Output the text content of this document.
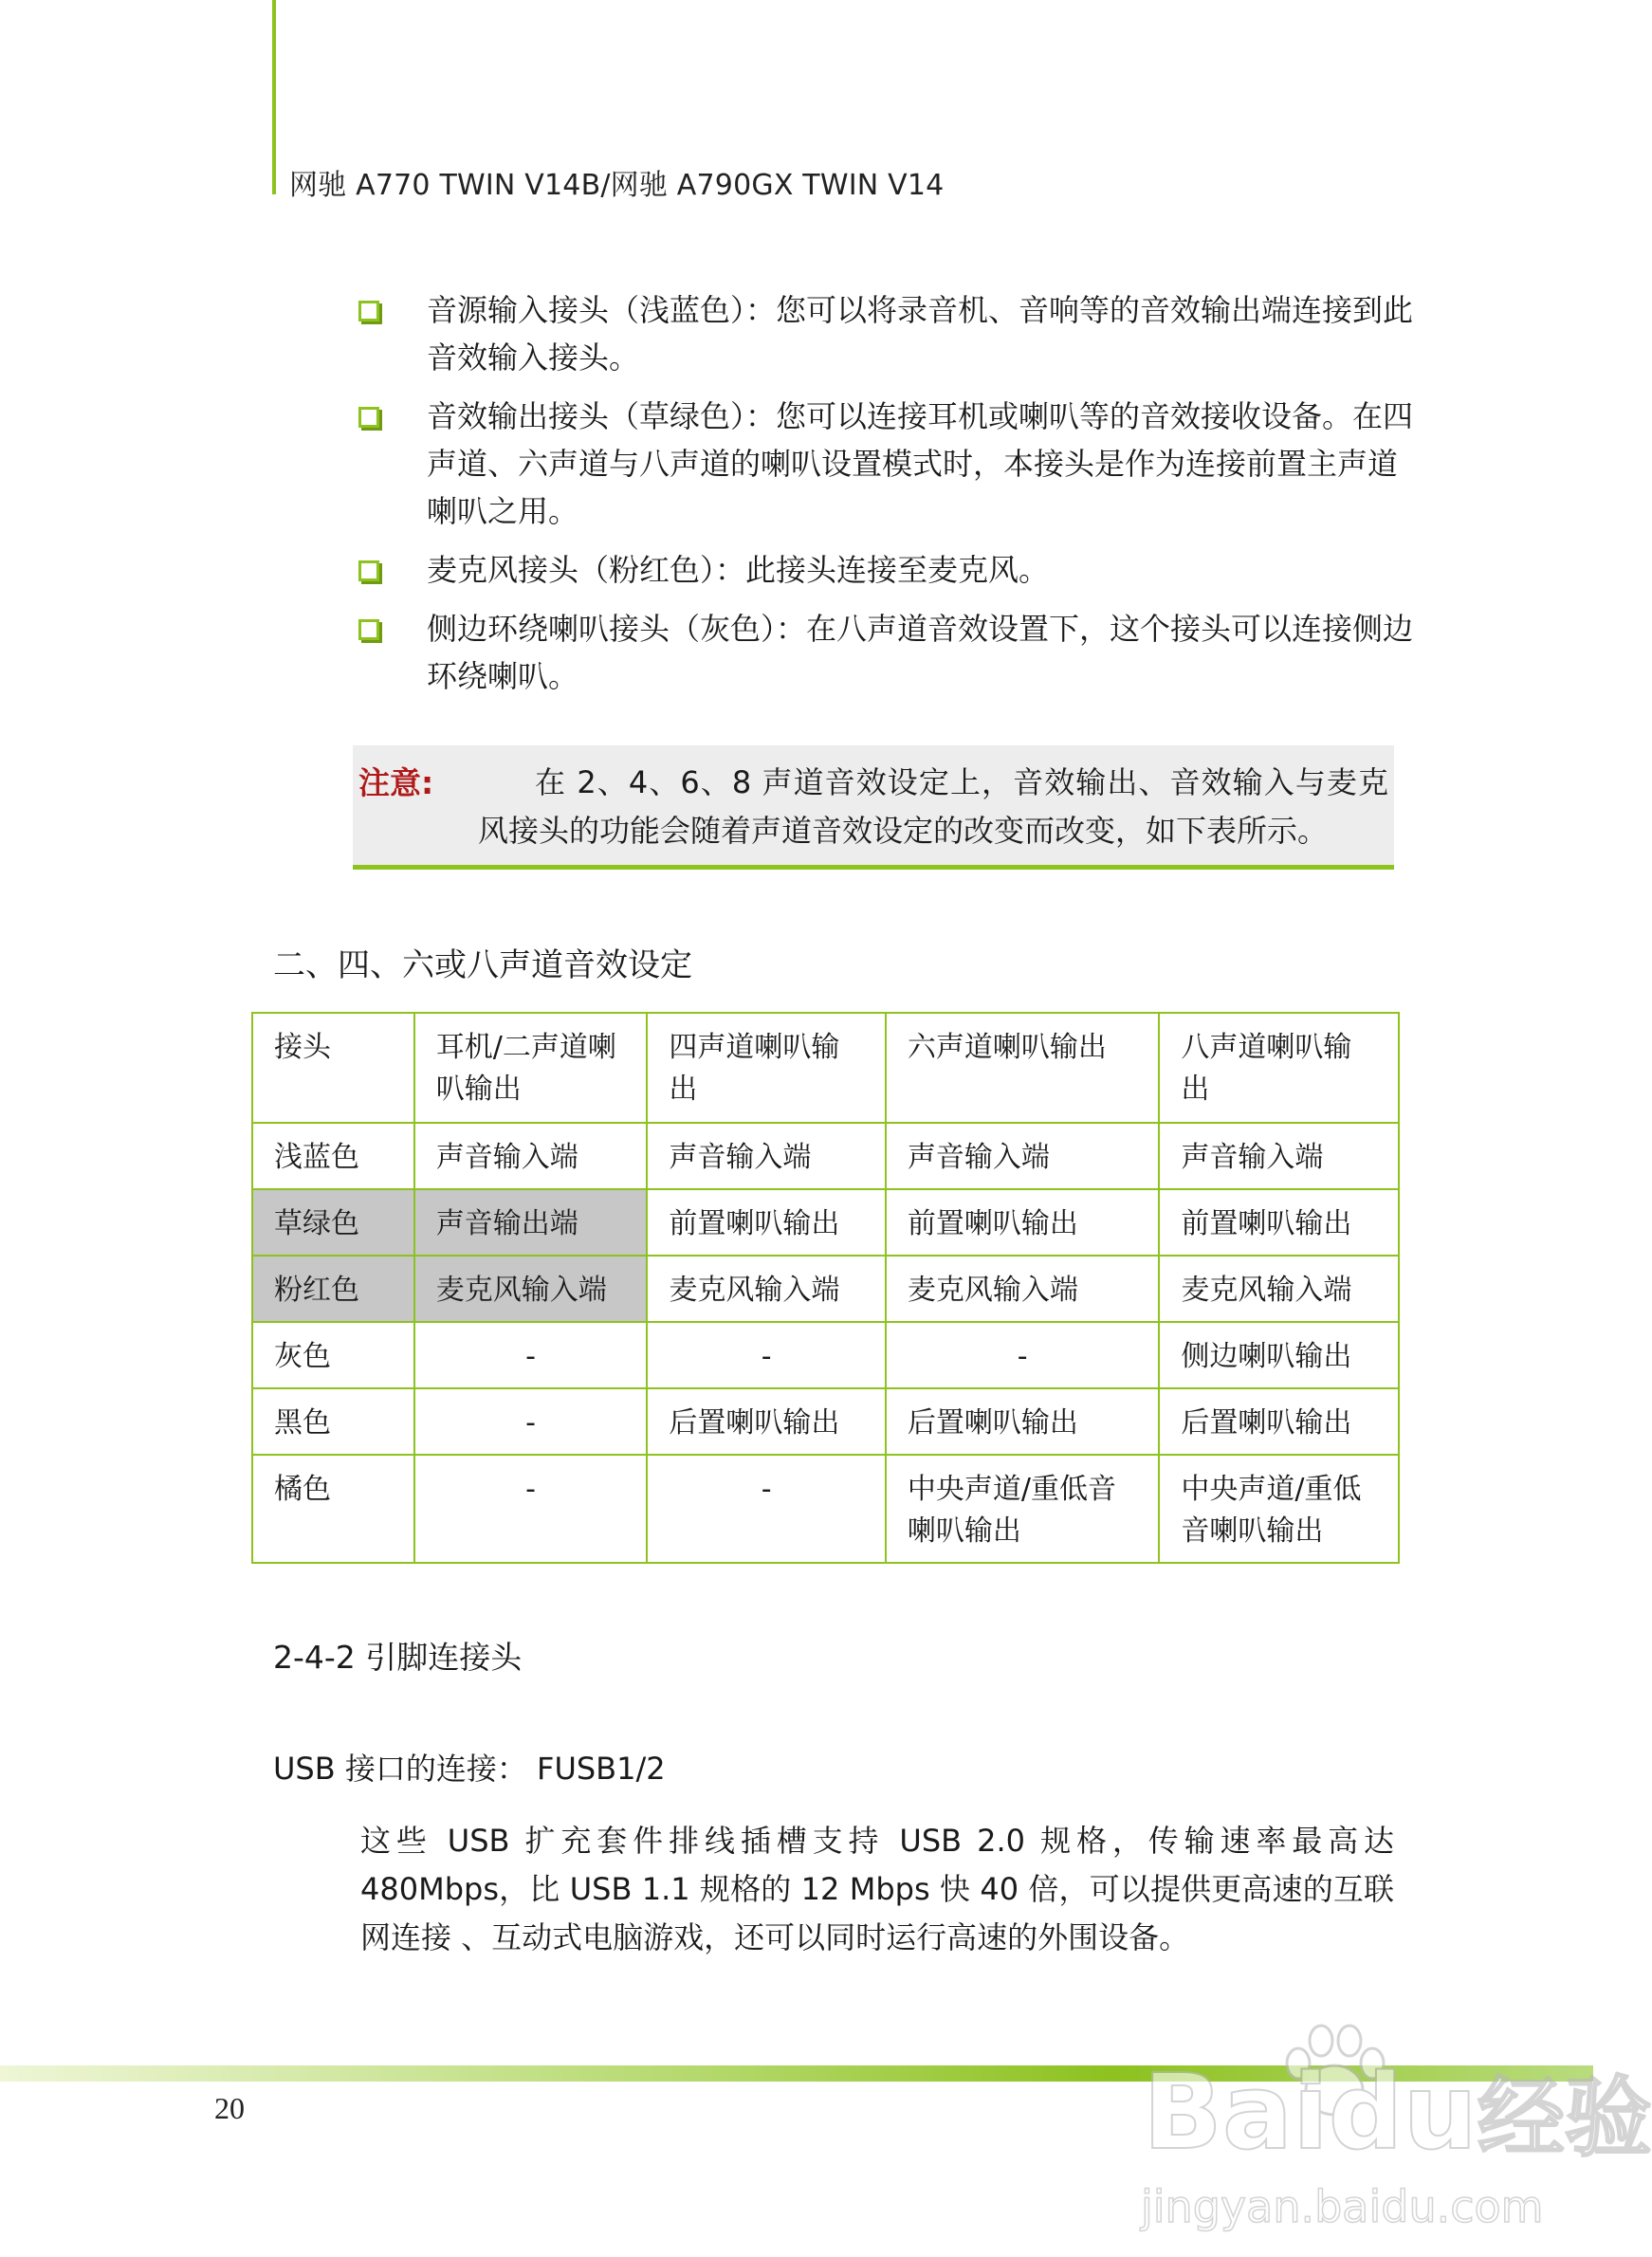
网驰 A770 TWIN V14B/网驰 A790GX TWIN V14
音源输入接头（浅蓝色）：您可以将录音机、音响等的音效输出端连接到此音效输入接头。
音效输出接头（草绿色）：您可以连接耳机或喇叭等的音效接收设备。在四声道、六声道与八声道的喇叭设置模式时，本接头是作为连接前置主声道喇叭之用。
麦克风接头（粉红色）：此接头连接至麦克风。
侧边环绕喇叭接头（灰色）：在八声道音效设置下，这个接头可以连接侧边环绕喇叭。
注意:	在 2、4、6、8 声道音效设定上，音效输出、音效输入与麦克风接头的功能会随着声道音效设定的改变而改变，如下表所示。
二、四、六或八声道音效设定
接头	耳机/二声道喇叭输出	四声道喇叭输出	六声道喇叭输出	八声道喇叭输出
浅蓝色	声音输入端	声音输入端	声音输入端	声音输入端
草绿色	声音输出端	前置喇叭输出	前置喇叭输出	前置喇叭输出
粉红色	麦克风输入端	麦克风输入端	麦克风输入端	麦克风输入端
灰色	-	-	-	侧边喇叭输出
黑色	-	后置喇叭输出	后置喇叭输出	后置喇叭输出
橘色	-	-	中央声道/重低音喇叭输出	中央声道/重低音喇叭输出
2-4-2 引脚连接头
USB 接口的连接： FUSB1/2
这些 USB 扩充套件排线插槽支持 USB 2.0 规格，传输速率最高达 480Mbps，比 USB 1.1 规格的 12 Mbps 快 40 倍，可以提供更高速的互联网连接 、互动式电脑游戏，还可以同时运行高速的外围设备。
20	Baidu经验
jingyan.baidu.com
